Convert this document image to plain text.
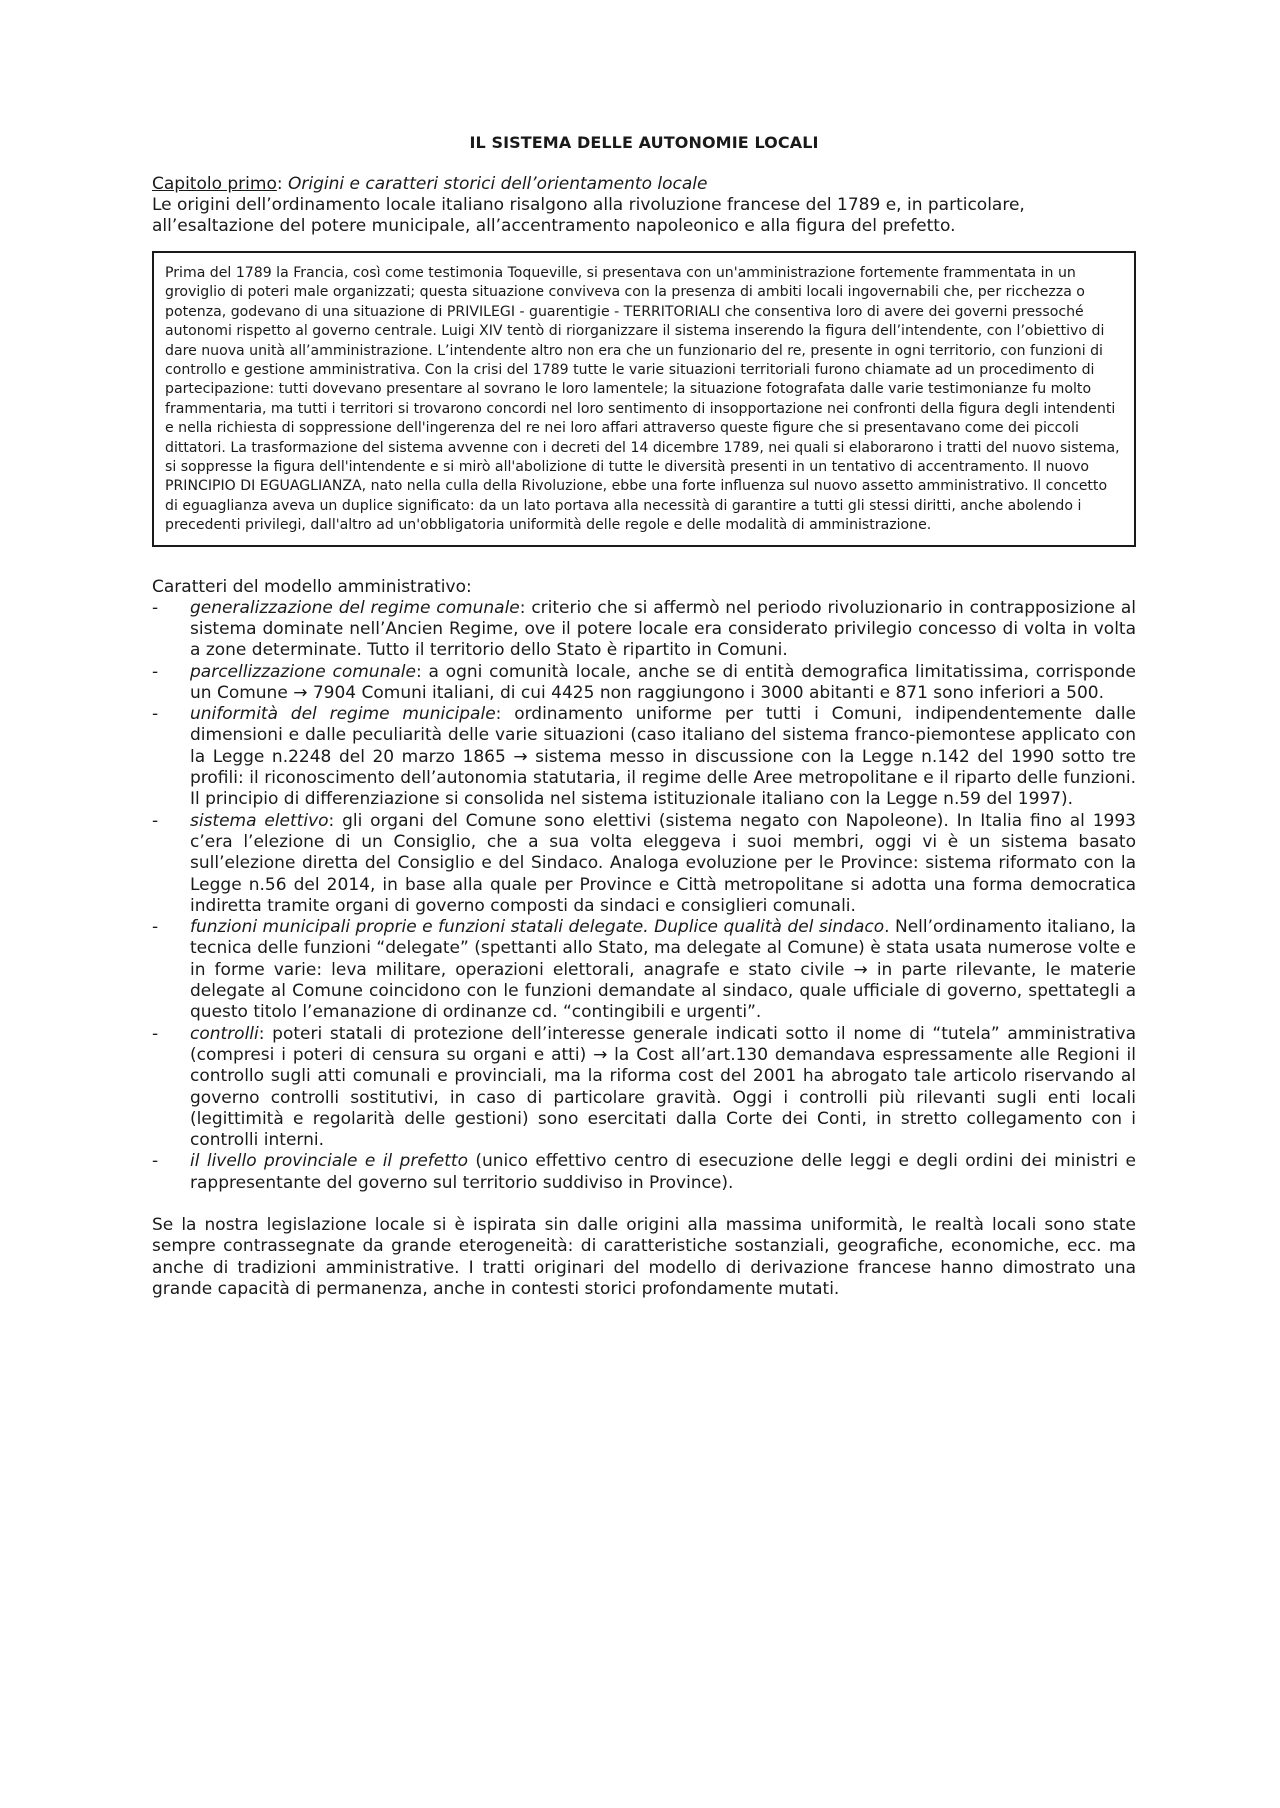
IL SISTEMA DELLE AUTONOMIE LOCALI
Capitolo primo: Origini e caratteri storici dell’orientamento locale

Le origini dell’ordinamento locale italiano risalgono alla rivoluzione francese del 1789 e, in particolare, all’esaltazione del potere municipale, all’accentramento napoleonico e alla figura del prefetto.

Prima del 1789 la Francia, così come testimonia Toqueville, si presentava con un'amministrazione fortemente frammentata in un groviglio di poteri male organizzati; questa situazione conviveva con la presenza di ambiti locali ingovernabili che, per ricchezza o potenza, godevano di una situazione di PRIVILEGI - guarentigie - TERRITORIALI che consentiva loro di avere dei governi pressoché autonomi rispetto al governo centrale. Luigi XIV tentò di riorganizzare il sistema inserendo la figura dell’intendente, con l’obiettivo di dare nuova unità all’amministrazione. L’intendente altro non era che un funzionario del re, presente in ogni territorio, con funzioni di controllo e gestione amministrativa. Con la crisi del 1789 tutte le varie situazioni territoriali furono chiamate ad un procedimento di partecipazione: tutti dovevano presentare al sovrano le loro lamentele; la situazione fotografata dalle varie testimonianze fu molto frammentaria, ma tutti i territori si trovarono concordi nel loro sentimento di insopportazione nei confronti della figura degli intendenti e nella richiesta di soppressione dell'ingerenza del re nei loro affari attraverso queste figure che si presentavano come dei piccoli dittatori. La trasformazione del sistema avvenne con i decreti del 14 dicembre 1789, nei quali si elaborarono i tratti del nuovo sistema, si soppresse la figura dell'intendente e si mirò all'abolizione di tutte le diversità presenti in un tentativo di accentramento. Il nuovo PRINCIPIO DI EGUAGLIANZA, nato nella culla della Rivoluzione, ebbe una forte influenza sul nuovo assetto amministrativo. Il concetto di eguaglianza aveva un duplice significato: da un lato portava alla necessità di garantire a tutti gli stessi diritti, anche abolendo i precedenti privilegi, dall'altro ad un'obbligatoria uniformità delle regole e delle modalità di amministrazione.

Caratteri del modello amministrativo:
- generalizzazione del regime comunale: criterio che si affermò nel periodo rivoluzionario in contrapposizione al sistema dominate nell’Ancien Regime, ove il potere locale era considerato privilegio concesso di volta in volta a zone determinate. Tutto il territorio dello Stato è ripartito in Comuni.
- parcellizzazione comunale: a ogni comunità locale, anche se di entità demografica limitatissima, corrisponde un Comune → 7904 Comuni italiani, di cui 4425 non raggiungono i 3000 abitanti e 871 sono inferiori a 500.
- uniformità del regime municipale: ordinamento uniforme per tutti i Comuni, indipendentemente dalle dimensioni e dalle peculiarità delle varie situazioni (caso italiano del sistema franco-piemontese applicato con la Legge n.2248 del 20 marzo 1865 → sistema messo in discussione con la Legge n.142 del 1990 sotto tre profili: il riconoscimento dell’autonomia statutaria, il regime delle Aree metropolitane e il riparto delle funzioni. Il principio di differenziazione si consolida nel sistema istituzionale italiano con la Legge n.59 del 1997).
- sistema elettivo: gli organi del Comune sono elettivi (sistema negato con Napoleone). In Italia fino al 1993 c’era l’elezione di un Consiglio, che a sua volta eleggeva i suoi membri, oggi vi è un sistema basato sull’elezione diretta del Consiglio e del Sindaco. Analoga evoluzione per le Province: sistema riformato con la Legge n.56 del 2014, in base alla quale per Province e Città metropolitane si adotta una forma democratica indiretta tramite organi di governo composti da sindaci e consiglieri comunali.
- funzioni municipali proprie e funzioni statali delegate. Duplice qualità del sindaco. Nell’ordinamento italiano, la tecnica delle funzioni “delegate” (spettanti allo Stato, ma delegate al Comune) è stata usata numerose volte e in forme varie: leva militare, operazioni elettorali, anagrafe e stato civile → in parte rilevante, le materie delegate al Comune coincidono con le funzioni demandate al sindaco, quale ufficiale di governo, spettategli a questo titolo l’emanazione di ordinanze cd. “contingibili e urgenti”.
- controlli: poteri statali di protezione dell’interesse generale indicati sotto il nome di “tutela” amministrativa (compresi i poteri di censura su organi e atti) → la Cost all’art.130 demandava espressamente alle Regioni il controllo sugli atti comunali e provinciali, ma la riforma cost del 2001 ha abrogato tale articolo riservando al governo controlli sostitutivi, in caso di particolare gravità. Oggi i controlli più rilevanti sugli enti locali (legittimità e regolarità delle gestioni) sono esercitati dalla Corte dei Conti, in stretto collegamento con i controlli interni.
- il livello provinciale e il prefetto (unico effettivo centro di esecuzione delle leggi e degli ordini dei ministri e rappresentante del governo sul territorio suddiviso in Province).

Se la nostra legislazione locale si è ispirata sin dalle origini alla massima uniformità, le realtà locali sono state sempre contrassegnate da grande eterogeneità: di caratteristiche sostanziali, geografiche, economiche, ecc. ma anche di tradizioni amministrative. I tratti originari del modello di derivazione francese hanno dimostrato una grande capacità di permanenza, anche in contesti storici profondamente mutati.
